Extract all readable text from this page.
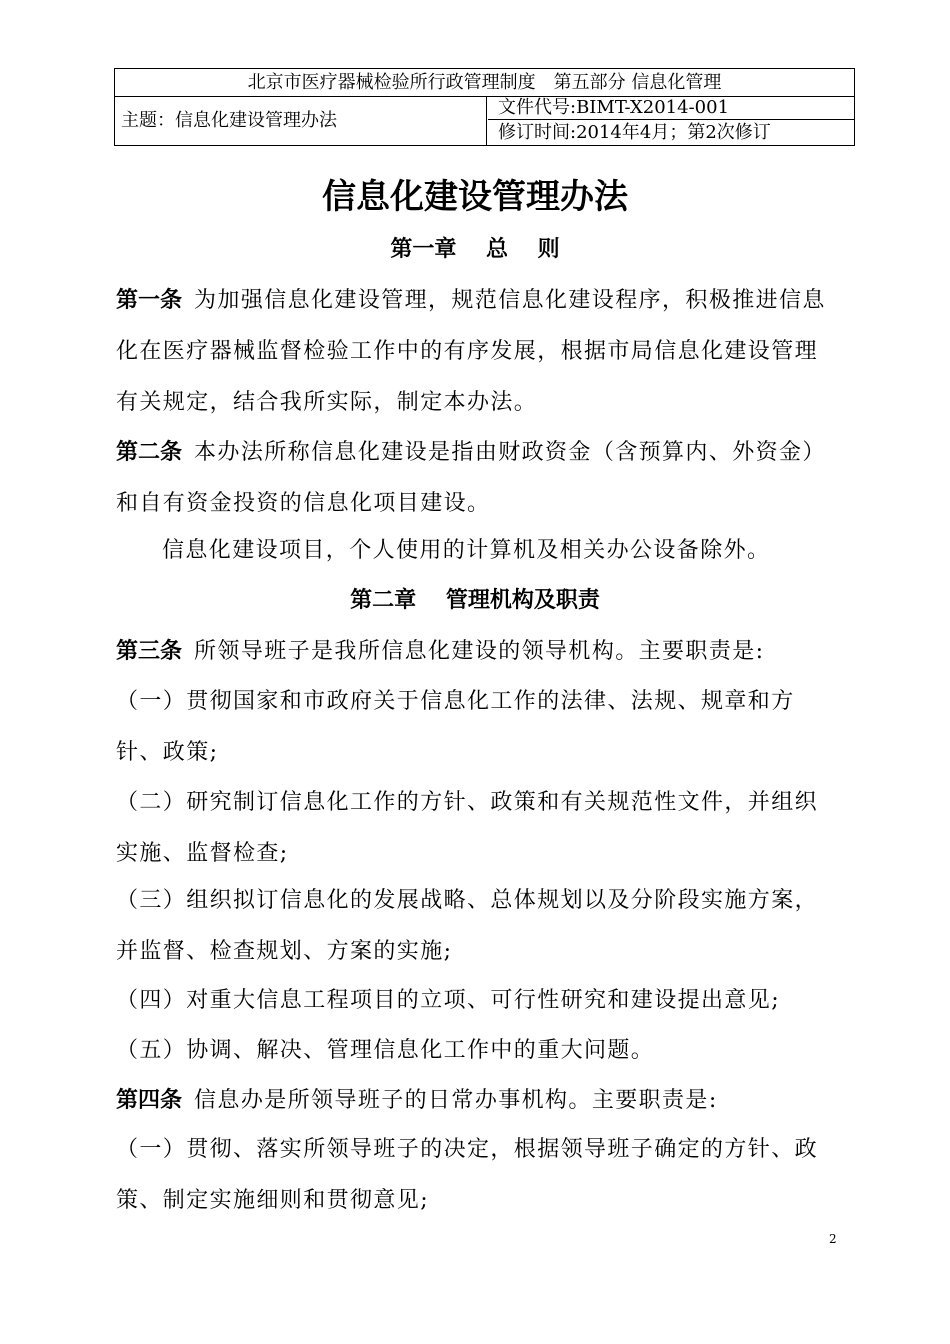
北京市医疗器械检验所行政管理制度　第五部分 信息化管理
主题：信息化建设管理办法
文件代号:BIMT-X2014-001
修订时间:2014年4月；第2次修订
信息化建设管理办法
第一章　 总　 则
第一条 为加强信息化建设管理，规范信息化建设程序，积极推进信息化在医疗器械监督检验工作中的有序发展，根据市局信息化建设管理有关规定，结合我所实际，制定本办法。
第二条 本办法所称信息化建设是指由财政资金（含预算内、外资金）和自有资金投资的信息化项目建设。
信息化建设项目，个人使用的计算机及相关办公设备除外。
第二章　 管理机构及职责
第三条 所领导班子是我所信息化建设的领导机构。主要职责是:
（一）贯彻国家和市政府关于信息化工作的法律、法规、规章和方针、政策;
（二）研究制订信息化工作的方针、政策和有关规范性文件，并组织实施、监督检查;
（三）组织拟订信息化的发展战略、总体规划以及分阶段实施方案，并监督、检查规划、方案的实施;
（四）对重大信息工程项目的立项、可行性研究和建设提出意见;
（五）协调、解决、管理信息化工作中的重大问题。
第四条 信息办是所领导班子的日常办事机构。主要职责是:
（一）贯彻、落实所领导班子的决定，根据领导班子确定的方针、政策、制定实施细则和贯彻意见;
2
